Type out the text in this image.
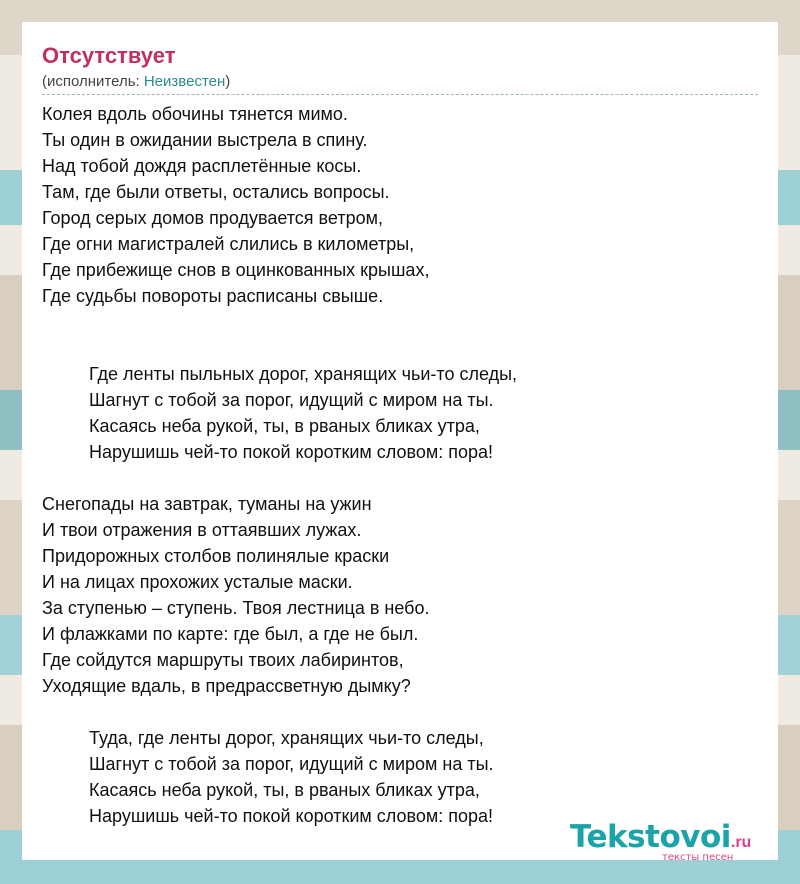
Отсутствует
(исполнитель: Неизвестен)
Колея вдоль обочины тянется мимо.
Ты один в ожидании выстрела в спину.
Над тобой дождя расплетённые косы.
Там, где были ответы, остались вопросы.
Город серых домов продувается ветром,
Где огни магистралей слились в километры,
Где прибежище снов в оцинкованных крышах,
Где судьбы повороты расписаны свыше.
Где ленты пыльных дорог, хранящих чьи-то следы,
Шагнут с тобой за порог, идущий с миром на ты.
Касаясь неба рукой, ты, в рваных бликах утра,
Нарушишь чей-то покой коротким словом: пора!
Снегопады на завтрак, туманы на ужин
И твои отражения в оттаявших лужах.
Придорожных столбов полинялые краски
И на лицах прохожих усталые маски.
За ступенью – ступень. Твоя лестница в небо.
И флажками по карте: где был, а где не был.
Где сойдутся маршруты твоих лабиринтов,
Уходящие вдаль, в предрассветную дымку?
Туда, где ленты дорог, хранящих чьи-то следы,
Шагнут с тобой за порог, идущий с миром на ты.
Касаясь неба рукой, ты, в рваных бликах утра,
Нарушишь чей-то покой коротким словом: пора!
Tekstovoi.ru
тексты песен
